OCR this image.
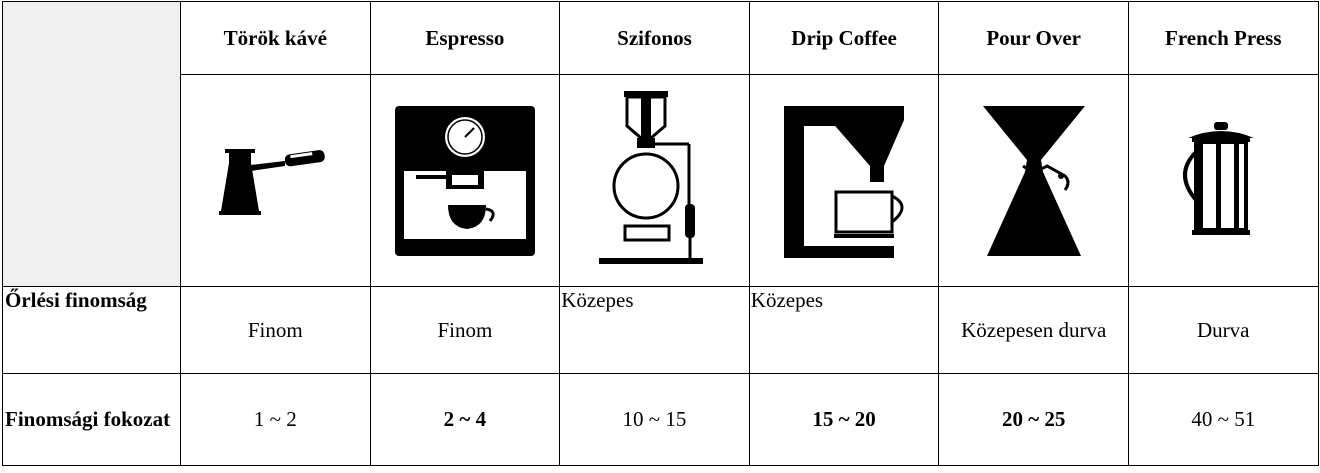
	Török kávé	Espresso	Szifonos	Drip Coffee	Pour Over	French Press

Őrlési finomság	Finom	Finom	Közepes	Közepes	Közepesen durva	Durva
Finomsági fokozat	1 ~ 2	2 ~ 4	10 ~ 15	15 ~ 20	20 ~ 25	40 ~ 51
